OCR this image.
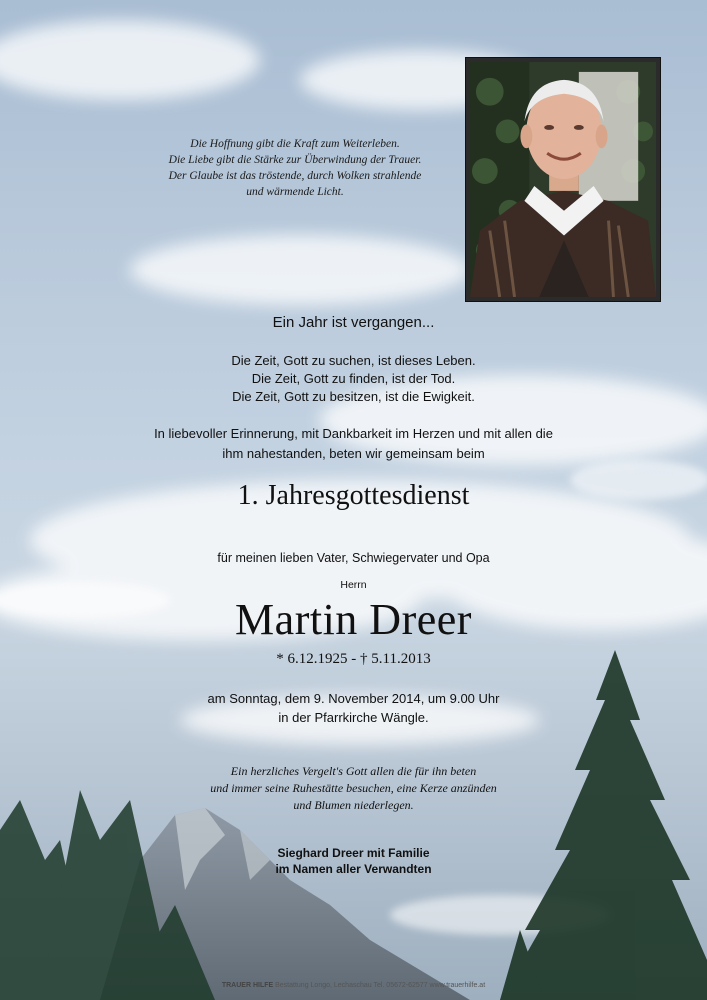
Die Hoffnung gibt die Kraft zum Weiterleben.
Die Liebe gibt die Stärke zur Überwindung der Trauer.
Der Glaube ist das tröstende, durch Wolken strahlende
und wärmende Licht.
Ein Jahr ist vergangen...
Die Zeit, Gott zu suchen, ist dieses Leben.
Die Zeit, Gott zu finden, ist der Tod.
Die Zeit, Gott zu besitzen, ist die Ewigkeit.
In liebevoller Erinnerung, mit Dankbarkeit im Herzen und mit allen die
ihm nahestanden, beten wir gemeinsam beim
1. Jahresgottesdienst
für meinen lieben Vater, Schwiegervater und Opa
Herrn
Martin Dreer
* 6.12.1925 - † 5.11.2013
am Sonntag, dem 9. November 2014, um 9.00 Uhr
in der Pfarrkirche Wängle.
Ein herzliches Vergelt's Gott allen die für ihn beten
und immer seine Ruhestätte besuchen, eine Kerze anzünden
und Blumen niederlegen.
Sieghard Dreer mit Familie
im Namen aller Verwandten
TRAUER HILFE Bestattung Longo, Lechaschau Tel. 05672-62577 www.trauerhilfe.at
